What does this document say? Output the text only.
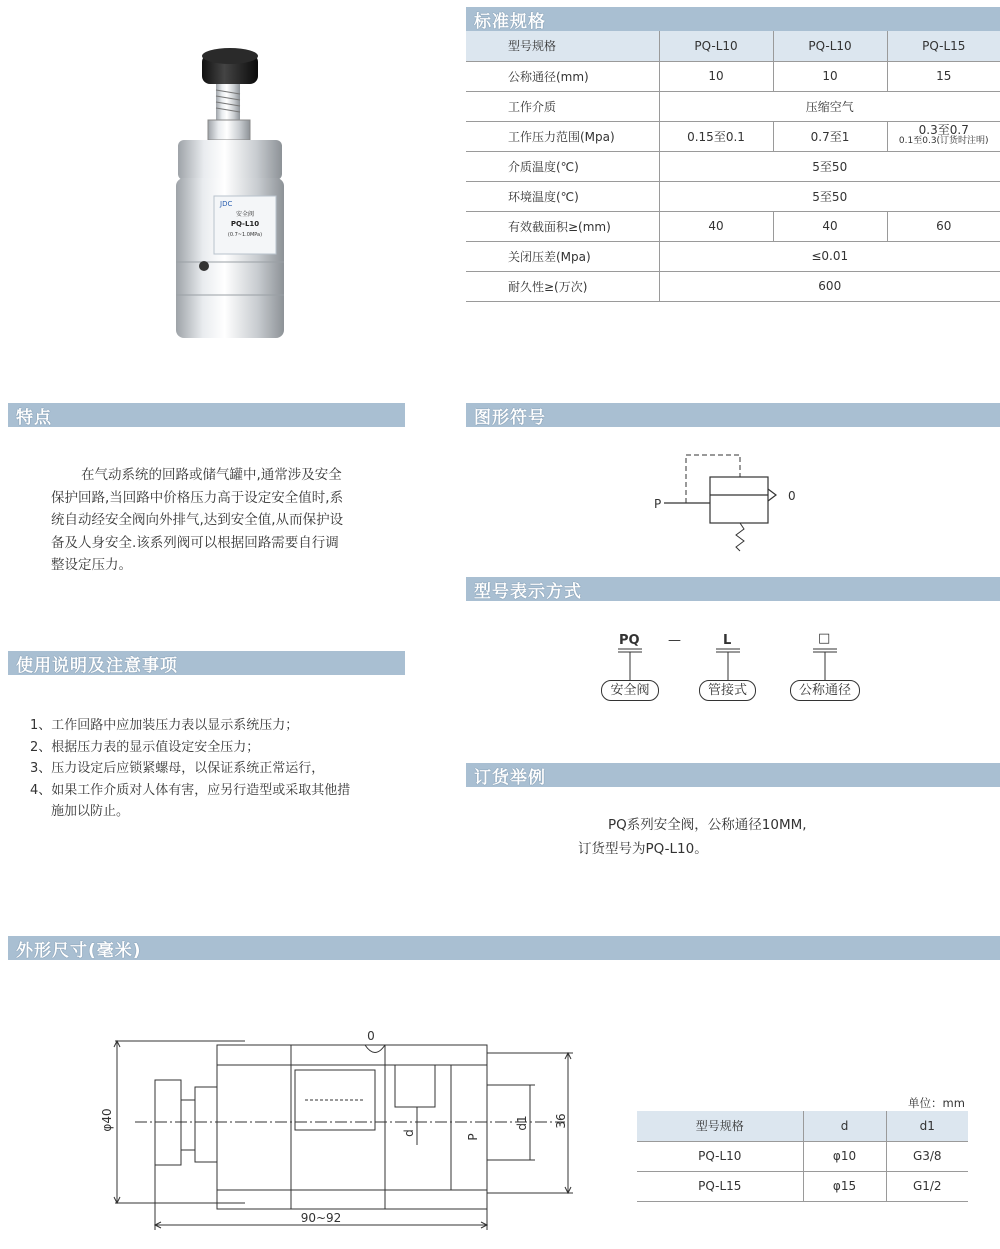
JDC
安全阀
PQ-L10
(0.7~1.0MPa)
标准规格
型号规格	PQ-L10	PQ-L10	PQ-L15
公称通径(mm)	10	10	15
工作介质	压缩空气		
工作压力范围(Mpa)	0.15至0.1	0.7至1	0.3至0.7
0.1至0.3(订货时注明)

介质温度(℃)	5至50		
环境温度(℃)	5至50		
有效截面积≥(mm)	40	40	60
关闭压差(Mpa)	≤0.01		
耐久性≥(万次)	600		
特点
在气动系统的回路或储气罐中,通常涉及安全
保护回路,当回路中价格压力高于设定安全值时,系
统自动经安全阀向外排气,达到安全值,从而保护设
备及人身安全.该系列阀可以根据回路需要自行调
整设定压力。
使用说明及注意事项
1、工作回路中应加装压力表以显示系统压力；
2、根据压力表的显示值设定安全压力；
3、压力设定后应锁紧螺母，以保证系统正常运行，
4、如果工作介质对人体有害，应另行造型或采取其他措
施加以防止。
图形符号
P
0
型号表示方式
PQ —	L	□
安全阀	管接式	公称通径
订货举例
PQ系列安全阀，公称通径10MM,
订货型号为PQ-L10。
外形尺寸(毫米)
0
φ40
d
P
d1 36
90~92
单位：mm
型号规格	d	d1
PQ-L10	φ10	G3/8
PQ-L15	φ15	G1/2
